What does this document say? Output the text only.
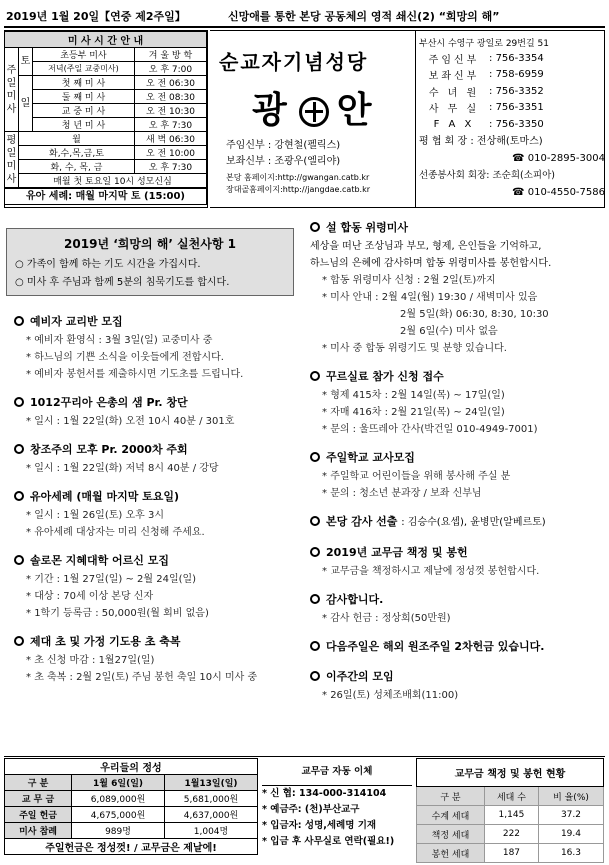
2019년 1월 20일【연중 제2주일】	신망애를 통한 본당 공동체의 영적 쇄신(2) “희망의 해”
미 사 시 간 안 내			
주
일
미
사	토	초등부 미사	겨 울 방 학
		저녁(주일 교중미사)	오 후 7:00
	일	첫 째 미 사	오 전 06:30
		둘 째 미 사	오 전 08:30
		교 중 미 사	오 전 10:30
		청 년 미 사	오 후 7:30
평
일
미
사	월		새 벽 06:30
	화,수,목,금,토		오 전 10:00
	화, 수, 목, 금		오 후 7:30
	매월 첫 토요일 10시 성모신심		
유아 세례: 매월 마지막 토 (15:00)
순교자기념성당
광 안
주임신부 : 강현철(펠릭스)
보좌신부 : 조광우(엘리야)
본당 홈페이지:http://gwangan.catb.kr
장대골홈페이지:http://jangdae.catb.kr
부산시 수영구 광일로 29번길 51
주임신부 : 756-3354
보좌신부 : 758-6959
수 녀 원 : 756-3352
사 무 실 : 756-3351
F A X	: 756-3350
평 협 회 장 : 전상해(토마스)
☎ 010-2895-3004
선종봉사회 회장: 조순희(소피아)
☎ 010-4550-7586
2019년 ‘희망의 해’ 실천사항 1
○ 가족이 함께 하는 기도 시간을 가집시다.
○ 미사 후 주님과 함께 5분의 침묵기도를 합시다.
예비자 교리반 모집
* 예비자 환영식 : 3월 3일(일) 교중미사 중
* 하느님의 기쁜 소식을 이웃들에게 전합시다.
* 예비자 봉헌서를 제출하시면 기도초를 드립니다.
1012꾸리아 은총의 샘 Pr. 창단
* 일시 : 1월 22일(화) 오전 10시 40분 / 301호
창조주의 모후 Pr. 2000차 주회
* 일시 : 1월 22일(화) 저녁 8시 40분 / 강당
유아세례 (매월 마지막 토요일)
* 일시 : 1월 26일(토) 오후 3시
* 유아세례 대상자는 미리 신청해 주세요.
솔로몬 지혜대학 어르신 모집
* 기간 : 1월 27일(일) ~ 2월 24일(일)
* 대상 : 70세 이상 본당 신자
* 1학기 등록금 : 50,000원(월 회비 없음)
제대 초 및 가정 기도용 초 축복
* 초 신청 마감 : 1월27일(일)
* 초 축복 : 2월 2일(토) 주님 봉헌 축일 10시 미사 중
설 합동 위령미사
세상을 떠난 조상님과 부모, 형제, 은인들을 기억하고,
하느님의 은혜에 감사하며 합동 위령미사를 봉헌합시다.
* 합동 위령미사 신청 : 2월 2일(토)까지
* 미사 안내 : 2월 4일(월) 19:30 / 새벽미사 있음
2월 5일(화) 06:30, 8:30, 10:30
2월 6일(수) 미사 없음
* 미사 중 합동 위령기도 및 분향 있습니다.
꾸르실료 참가 신청 접수
* 형제 415차 : 2월 14일(목) ~ 17일(일)
* 자매 416차 : 2월 21일(목) ~ 24일(일)
* 문의 : 울뜨레아 간사(박건일 010-4949-7001)
주일학교 교사모집
* 주일학교 어린이들을 위해 봉사해 주실 분
* 문의 : 청소년 분과장 / 보좌 신부님
본당 감사 선출 : 김승수(요셉), 윤병만(알베르토)
2019년 교무금 책정 및 봉헌
* 교무금을 책정하시고 제날에 정성껏 봉헌합시다.
감사합니다.
* 감사 헌금 : 정상희(50만원)
다음주일은 해외 원조주일 2차헌금 있습니다.
이주간의 모임
* 26일(토) 성체조배회(11:00)
우리들의 정성		
구 분	1월 6일(일)	1월13일(일)
교 무 금	6,089,000원	5,681,000원
주일 헌금	4,675,000원	4,637,000원
미사 참례	989명	1,004명
주일헌금은 정성껏! / 교무금은 제날에!		
교무금 자동 이체
* 신 협: 134-000-314104
* 예금주: (천)부산교구
* 입금자: 성명,세례명 기재
* 입금 후 사무실로 연락(필요!)
교무금 책정 및 봉헌 현황		
구 분	세대 수	비 율(%)
수계 세대	1,145	37.2
책정 세대	222	19.4
봉헌 세대	187	16.3
